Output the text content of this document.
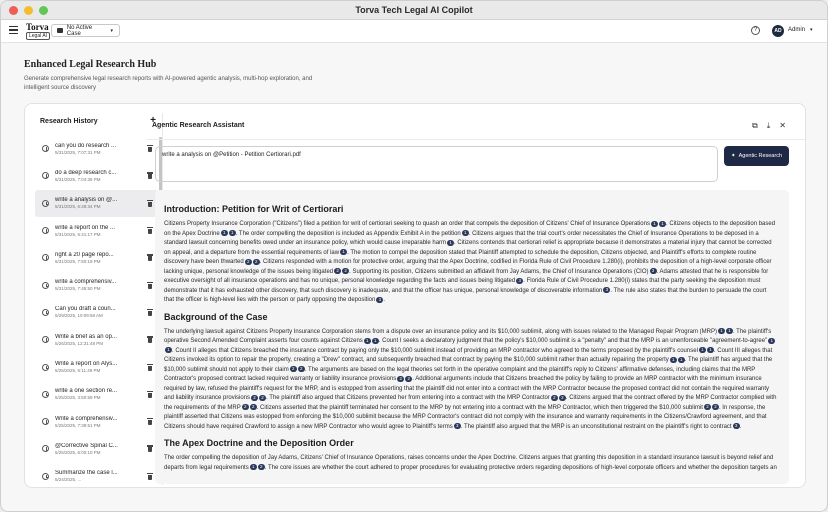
Torva Tech Legal AI Copilot
Torva
Legal AI
No Active Case	▾	?	AD	Admin ▾
Enhanced Legal Research Hub

Generate comprehensive legal research reports with AI-powered agentic analysis, multi-hop exploration, and intelligent source discovery

Research History	+
can you do research ...
5/31/2025, 7:07:31 PM
do a deep research c...
5/31/2025, 7:04:36 PM
write a analysis on @...
5/31/2025, 6:48:34 PM
write a report on the ...
5/31/2025, 6:41:17 PM
right a 20 page repo...
5/31/2025, 7:50:19 PM
write a comprehensiv...
5/31/2025, 7:45:50 PM
Can you draft a coun...
5/29/2025, 10:09:58 AM
Write a brief as an op...
5/26/2025, 12:31:48 PM
Write a report on Alys...
5/25/2025, 6:11:49 PM
write a one section re...
5/25/2025, 3:50:59 PM
Write a comprehensiv...
5/25/2025, 7:39:51 PM
@Corrective Spinal C...
5/25/2025, 6:00:10 PM
Summarize the case l...
5/24/2025, ...
Agentic Research Assistant	⧉ ⤓ ✕
write a analysis on @Petition - Petition Certiorari.pdf	✦ Agentic Research
Introduction: Petition for Writ of Certiorari

Citizens Property Insurance Corporation ("Citizens") filed a petition for writ of certiorari seeking to quash an order that compels the deposition of Citizens' Chief of Insurance Operations 1 1 . Citizens objects to the deposition based on the Apex Doctrine 1 1 . The order compelling the deposition is included as Appendix Exhibit A in the petition 1 . Citizens argues that the trial court's order necessitates the Chief of Insurance Operations to be deposed in a standard lawsuit concerning benefits owed under an insurance policy, which would cause irreparable harm 1 . Citizens contends that certiorari relief is appropriate because it demonstrates a material injury that cannot be corrected on appeal, and a departure from the essential requirements of law 1 . The motion to compel the deposition stated that Plaintiff attempted to schedule the deposition, Citizens objected, and Plaintiff's efforts to complete routine discovery have been thwarted 2 2 . Citizens responded with a motion for protective order, arguing that the Apex Doctrine, codified in Florida Rule of Civil Procedure 1.280(i), prohibits the deposition of a high-level corporate officer lacking unique, personal knowledge of the issues being litigated 2 2 . Supporting its position, Citizens submitted an affidavit from Jay Adams, the Chief of Insurance Operations (CIO) 3 . Adams attested that he is responsible for executive oversight of all insurance operations and has no unique, personal knowledge regarding the facts and issues being litigated 3 . Florida Rule of Civil Procedure 1.280(i) states that the party seeking the deposition must demonstrate that it has exhausted other discovery, that such discovery is inadequate, and that the officer has unique, personal knowledge of discoverable information 3 . The rule also states that the burden to persuade the court that the officer is high-level lies with the person or party opposing the deposition 3 .

Background of the Case

The underlying lawsuit against Citizens Property Insurance Corporation stems from a dispute over an insurance policy and its $10,000 sublimit, along with issues related to the Managed Repair Program (MRP) 1 1 . The plaintiff's operative Second Amended Complaint asserts four counts against Citizens 1 1 . Count I seeks a declaratory judgment that the policy's $10,000 sublimit is a "penalty" and that the MRP is an unenforceable "agreement-to-agree" 11 . Count II alleges that Citizens breached the insurance contract by paying only the $10,000 sublimit instead of providing an MRP contractor who agreed to the terms proposed by the plaintiff's counsel 1 1 . Count III alleges that Citizens invoked its option to repair the property, creating a "Drew" contract, and subsequently breached that contract by paying the $10,000 sublimit rather than actually repairing the property 1 1 . The plaintiff has argued that the $10,000 sublimit should not apply to their claim 2 2 . The arguments are based on the legal theories set forth in the operative complaint and the plaintiff's reply to Citizens' affirmative defenses, including claims that the MRP Contractor's proposed contract lacked required warranty or liability insurance provisions 2 2 . Additional arguments include that Citizens breached the policy by failing to provide an MRP contractor with the minimum insurance required by law, refused the plaintiff's request for the MRP, and is estopped from asserting that the plaintiff did not enter into a contract with the MRP Contractor because the proposed contract did not contain the required warranty and liability insurance provisions 2 2 . The plaintiff also argued that Citizens prevented her from entering into a contract with the MRP Contractor 2 2 . Citizens argued that the contract offered by the MRP Contractor complied with the requirements of the MRP 2 2 . Citizens asserted that the plaintiff terminated her consent to the MRP by not entering into a contract with the MRP Contractor, which then triggered the $10,000 sublimit 2 2 . In response, the plaintiff asserted that Citizens was estopped from enforcing the $10,000 sublimit because the MRP Contractor's contract did not comply with the insurance and warranty requirements in the Citizens/Crawford agreement, and that Citizens should have required Crawford to assign a new MRP Contractor who would agree to Plaintiff's terms 3 . The plaintiff also argued that the MRP is an unconstitutional restraint on the plaintiff's right to contract 3 .

The Apex Doctrine and the Deposition Order

The order compelling the deposition of Jay Adams, Citizens' Chief of Insurance Operations, raises concerns under the Apex Doctrine. Citizens argues that granting this deposition in a standard insurance lawsuit is beyond relief and departs from legal requirements 1 2 . The core issues are whether the court adhered to proper procedures for evaluating protective orders regarding depositions of high-level corporate officers and whether the deposition targets an
